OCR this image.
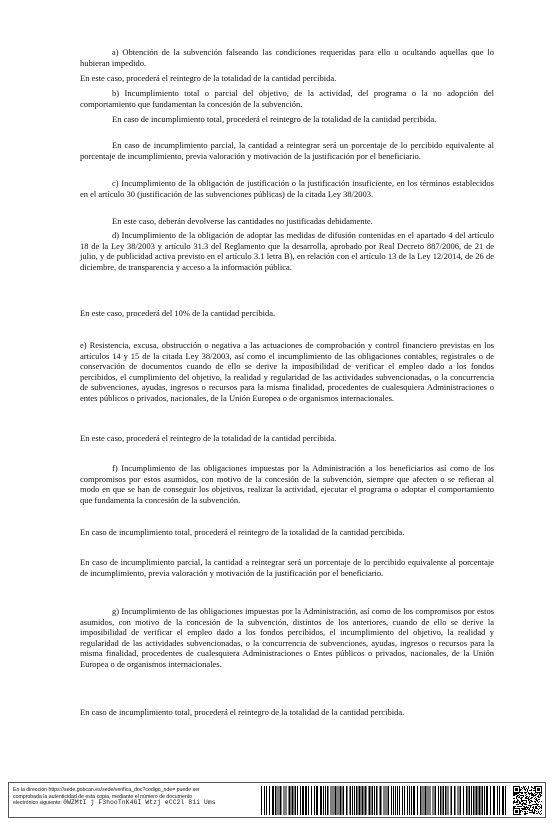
a) Obtención de la subvención falseando las condiciones requeridas para ello u ocultando aquellas que lo hubieran impedido.

En este caso, procederá el reintegro de la totalidad de la cantidad percibida.

b) Incumplimiento total o parcial del objetivo, de la actividad, del programa o la no adopción del comportamiento que fundamentan la concesión de la subvención.

En caso de incumplimiento total, procederá el reintegro de la totalidad de la cantidad percibida.

En caso de incumplimiento parcial, la cantidad a reintegrar será un porcentaje de lo percibido equivalente al porcentaje de incumplimiento, previa valoración y motivación de la justificación por el beneficiario.

c) Incumplimiento de la obligación de justificación o la justificación insuficiente, en los términos establecidos en el artículo 30 (justificación de las subvenciones públicas) de la citada Ley 38/2003.

En este caso, deberán devolverse las cantidades no justificadas debidamente.

d) Incumplimiento de la obligación de adoptar las medidas de difusión contenidas en el apartado 4 del artículo 18 de la Ley 38/2003 y artículo 31.3 del Reglamento que la desarrolla, aprobado por Real Decreto 887/2006, de 21 de julio, y de publicidad activa previsto en el artículo 3.1 letra B), en relación con el artículo 13 de la Ley 12/2014, de 26 de diciembre, de transparencia y acceso a la información pública.

En este caso, procederá del 10% de la cantidad percibida.

e) Resistencia, excusa, obstrucción o negativa a las actuaciones de comprobación y control financiero previstas en los artículos 14 y 15 de la citada Ley 38/2003, así como el incumplimiento de las obligaciones contables, registrales o de conservación de documentos cuando de ello se derive la imposibilidad de verificar el empleo dado a los fondos percibidos, el cumplimiento del objetivo, la realidad y regularidad de las actividades subvencionadas, o la concurrencia de subvenciones, ayudas, ingresos o recursos para la misma finalidad, procedentes de cualesquiera Administraciones o entes públicos o privados, nacionales, de la Unión Europea o de organismos internacionales.

En este caso, procederá el reintegro de la totalidad de la cantidad percibida.

f) Incumplimiento de las obligaciones impuestas por la Administración a los beneficiarios así como de los compromisos por estos asumidos, con motivo de la concesión de la subvención, siempre que afecten o se refieran al modo en que se han de conseguir los objetivos, realizar la actividad, ejecutar el programa o adoptar el comportamiento que fundamenta la concesión de la subvención.

En caso de incumplimiento total, procederá el reintegro de la totalidad de la cantidad percibida.

En caso de incumplimiento parcial, la cantidad a reintegrar será un porcentaje de lo percibido equivalente al porcentaje de incumplimiento, previa valoración y motivación de la justificación por el beneficiario.

g) Incumplimiento de las obligaciones impuestas por la Administración, así como de los compromisos por estos asumidos, con motivo de la concesión de la subvención, distintos de los anteriores, cuando de ello se derive la imposibilidad de verificar el empleo dado a los fondos percibidos, el incumplimiento del objetivo, la realidad y regularidad de las actividades subvencionadas, o la concurrencia de subvenciones, ayudas, ingresos o recursos para la misma finalidad, procedentes de cualesquiera Administraciones o Entes públicos o privados, nacionales, de la Unión Europea o de organismos internacionales.

En caso de incumplimiento total, procederá el reintegro de la totalidad de la cantidad percibida.

En la dirección https://sede.gobcan.es/sede/verifica_doc?codigo_nde= puede ser
comprobada la autenticidad de esta copia, mediante el número de documento
electrónico siguiente: 0WZMtI j F3hooTnK4GI Wtzj eCC2l 81i Ums
